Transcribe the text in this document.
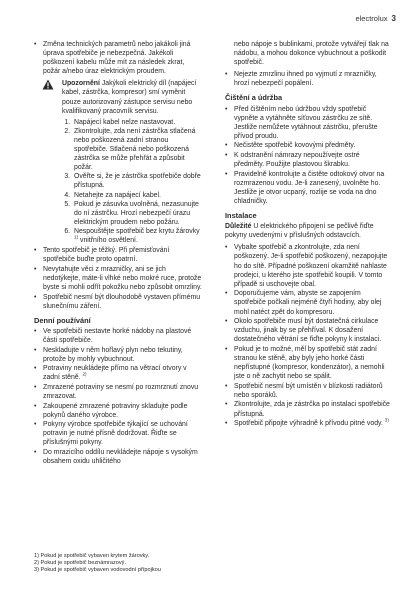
electrolux 3
• Změna technických parametrů nebo jakákoli jiná úprava spotřebiče je nebezpečná. Jakékoli poškození kabelu může mít za následek zkrat, požár a/nebo úraz elektrickým proudem.
Upozornění Jakýkoli elektrický díl (napájecí kabel, zástrčka, kompresor) smí vyměnit pouze autorizovaný zástupce servisu nebo kvalifikovaný pracovník servisu.
1. Napájecí kabel nelze nastavovat.
2. Zkontrolujte, zda není zástrčka stlačená nebo poškozená zadní stranou spotřebiče. Stlačená nebo poškozená zástrčka se může přehřát a způsobit požár.
3. Ověřte si, že je zástrčka spotřebiče dobře přístupná.
4. Netahejte za napájecí kabel.
5. Pokud je zásuvka uvolněná, nezasunujte do ní zástrčku. Hrozí nebezpečí úrazu elektrickým proudem nebo požáru.
6. Nespouštějte spotřebič bez krytu žárovky $^{1)}$ vnitřního osvětlení.
• Tento spotřebič je těžký. Při přemisťování spotřebiče buďte proto opatrní.
• Nevytahujte věci z mrazničky, ani se jich nedotýkejte, máte-li vlhké nebo mokré ruce, protože byste si mohli odřít pokožku nebo způsobit omrzliny.
• Spotřebič nesmí být dlouhodobě vystaven přímému slunečnímu záření.
Denní používání
• Ve spotřebiči nestavte horké nádoby na plastové části spotřebiče.
• Neskladujte v něm hořlavý plyn nebo tekutiny, protože by mohly vybuchnout.
• Potraviny neukládejte přímo na větrací otvory v zadní stěně. $^{2)}$
• Zmrazené potraviny se nesmí po rozmrznutí znovu zmrazovat.
• Zakoupené zmrazené potraviny skladujte podle pokynů daného výrobce.
• Pokyny výrobce spotřebiče týkající se uchování potravin je nutné přísně dodržovat. Řiďte se příslušnými pokyny.
• Do mrazicího oddílu nevkládejte nápoje s vysokým obsahem oxidu uhličitého
1) Pokud je spotřebič vybaven krytem žárovky.
2) Pokud je spotřebič beznámrazový.
3) Pokud je spotřebič vybaven vodovodní přípojkou
nebo nápoje s bublinkami, protože vytvářejí tlak na nádobu, a mohou dokonce vybuchnout a poškodit spotřebič.
• Nejezte zmrzlinu ihned po vyjmutí z mrazničky, hrozí nebezpečí popálení.
Čištění a údržba
• Před čištěním nebo údržbou vždy spotřebič vypněte a vytáhněte síťovou zástrčku ze sítě. Jestliže nemůžete vytáhnout zástrčku, přerušte přívod proudu.
• Nečistěte spotřebič kovovými předměty.
• K odstranění námrazy nepoužívejte ostré předměty. Použijte plastovou škrabku.
• Pravidelně kontrolujte a čistěte odtokový otvor na rozmrazenou vodu. Je-li zanesený, uvolněte ho. Jestliže je otvor ucpaný, rozlije se voda na dno chladničky.
Instalace
Důležité U elektrického připojení se pečlivě řiďte pokyny uvedenými v příslušných odstavcích.
• Vybalte spotřebič a zkontrolujte, zda není poškozený. Je-li spotřebič poškozený, nezapojujte ho do sítě. Případné poškození okamžitě nahlaste prodejci, u kterého jste spotřebič koupili. V tomto případě si uschovejte obal.
• Doporučujeme vám, abyste se zapojením spotřebiče počkali nejméně čtyři hodiny, aby olej mohl natéct zpět do kompresoru.
• Okolo spotřebiče musí být dostatečná cirkulace vzduchu, jinak by se přehříval. K dosažení dostatečného větrání se řiďte pokyny k instalaci.
• Pokud je to možné, měl by spotřebič stát zadní stranou ke stěně, aby byly jeho horké části nepřístupné (kompresor, kondenzátor), a nemohli jste o ně zachytit nebo se spálit.
• Spotřebič nesmí být umístěn v blízkosti radiátorů nebo sporáků.
• Zkontrolujte, zda je zástrčka po instalaci spotřebiče přístupná.
• Spotřebič připojte výhradně k přívodu pitné vody. $^{3)}$
